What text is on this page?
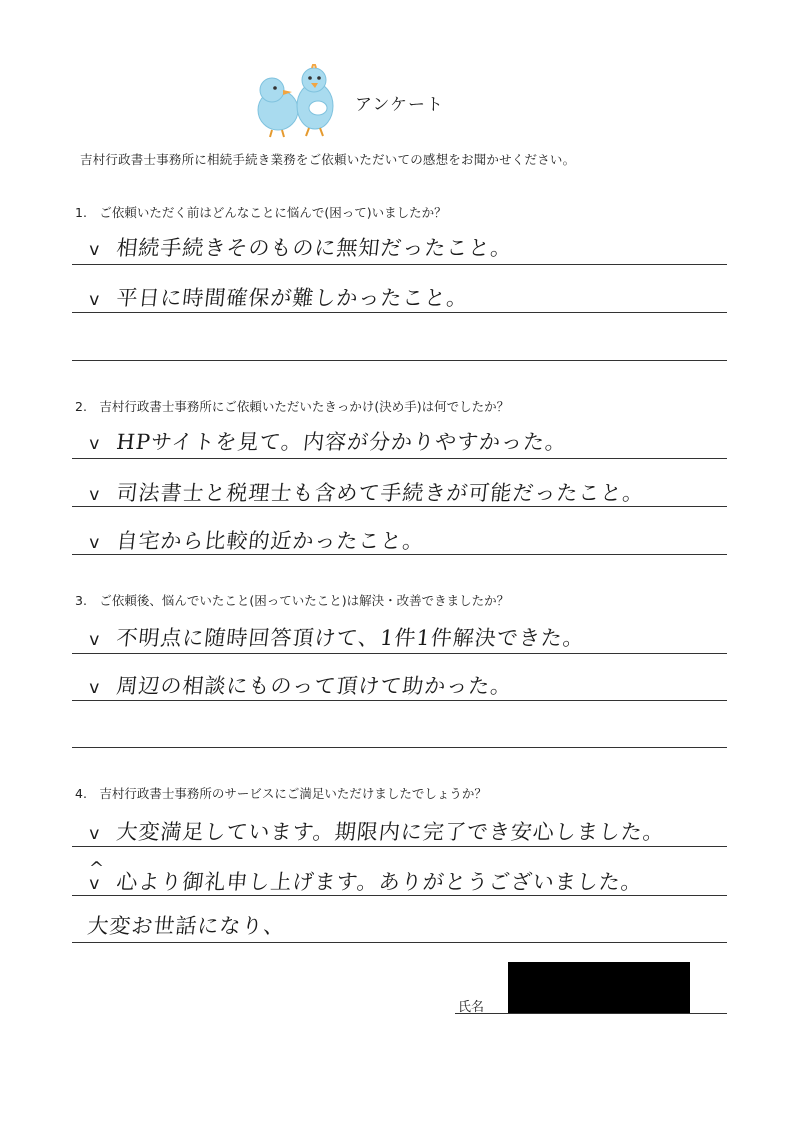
アンケート
吉村行政書士事務所に相続手続き業務をご依頼いただいての感想をお聞かせください。
1.　ご依頼いただく前はどんなことに悩んで(困って)いましたか？
v 相続手続きそのものに無知だったこと。
v 平日に時間確保が難しかったこと。
2.　吉村行政書士事務所にご依頼いただいたきっかけ(決め手)は何でしたか？
v HPサイトを見て。内容が分かりやすかった。
v 司法書士と税理士も含めて手続きが可能だったこと。
v 自宅から比較的近かったこと。
3.　ご依頼後、悩んでいたこと(困っていたこと)は解決・改善できましたか？
v 不明点に随時回答頂けて、1件1件解決できた。
v 周辺の相談にものって頂けて助かった。
4.　吉村行政書士事務所のサービスにご満足いただけましたでしょうか？
v 大変満足しています。期限内に完了でき安心しました。
^
v 心より御礼申し上げます。ありがとうございました。
大変お世話になり、
氏名
